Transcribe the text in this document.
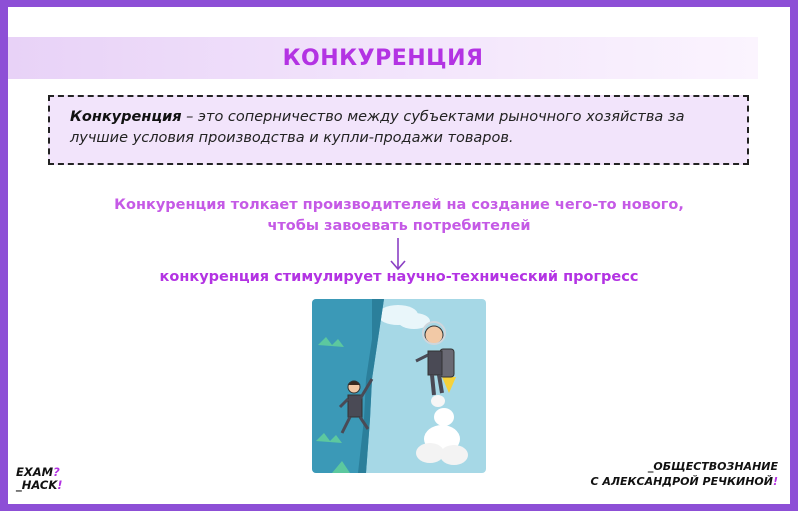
КОНКУРЕНЦИЯ
Конкуренция – это соперничество между субъектами рыночного хозяйства за лучшие условия производства и купли-продажи товаров.
Конкуренция толкает производителей на создание чего-то нового,
чтобы завоевать потребителей
конкуренция стимулирует научно-технический прогресс
EXAM?
_HACK!
_ОБЩЕСТВОЗНАНИЕ
С АЛЕКСАНДРОЙ РЕЧКИНОЙ!
